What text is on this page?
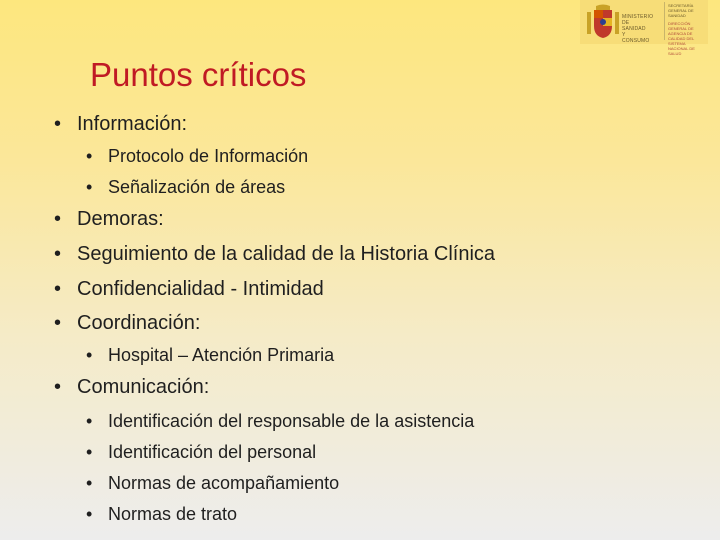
MINISTERIO DE SANIDAD Y CONSUMO
SECRETARÍA GENERAL DE SANIDAD
DIRECCIÓN GENERAL DE AGENCIA DE CALIDAD DEL SISTEMA NACIONAL DE SALUD
Puntos críticos
• Información:
• Protocolo de Información
• Señalización de áreas
• Demoras:
• Seguimiento de la calidad de la Historia Clínica
• Confidencialidad - Intimidad
• Coordinación:
• Hospital – Atención Primaria
• Comunicación:
• Identificación del responsable de la asistencia
• Identificación del personal
• Normas de acompañamiento
• Normas de trato
